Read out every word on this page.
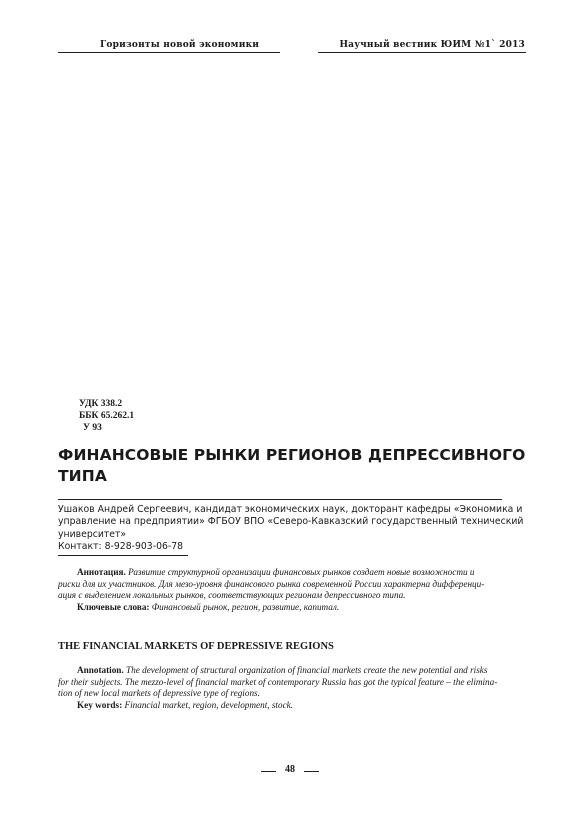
Горизонты новой экономики	Научный вестник ЮИМ №1` 2013
УДК 338.2
ББК 65.262.1
У 93
ФИНАНСОВЫЕ РЫНКИ РЕГИОНОВ ДЕПРЕССИВНОГО
ТИПА
Ушаков Андрей Сергеевич, кандидат экономических наук, докторант кафедры «Экономика и
управление на предприятии» ФГБОУ ВПО «Северо-Кавказский государственный технический
университет»
Контакт: 8-928-903-06-78
Аннотация. Развитие структурной организации финансовых рынков создает новые возможности и
риски для их участников. Для мезо-уровня финансового рынка современной России характерна дифференци-
ация с выделением локальных рынков, соответствующих регионам депрессивного типа.
Ключевые слова: Финансовый рынок, регион, развитие, капитал.
THE FINANCIAL MARKETS OF DEPRESSIVE REGIONS
Annotation. The development of structural organization of financial markets create the new potential and risks
for their subjects. The mezzo-level of financial market of contemporary Russia has got the typical feature – the elimina-
tion of new local markets of depressive type of regions.
Key words: Financial market, region, development, stock.
48
